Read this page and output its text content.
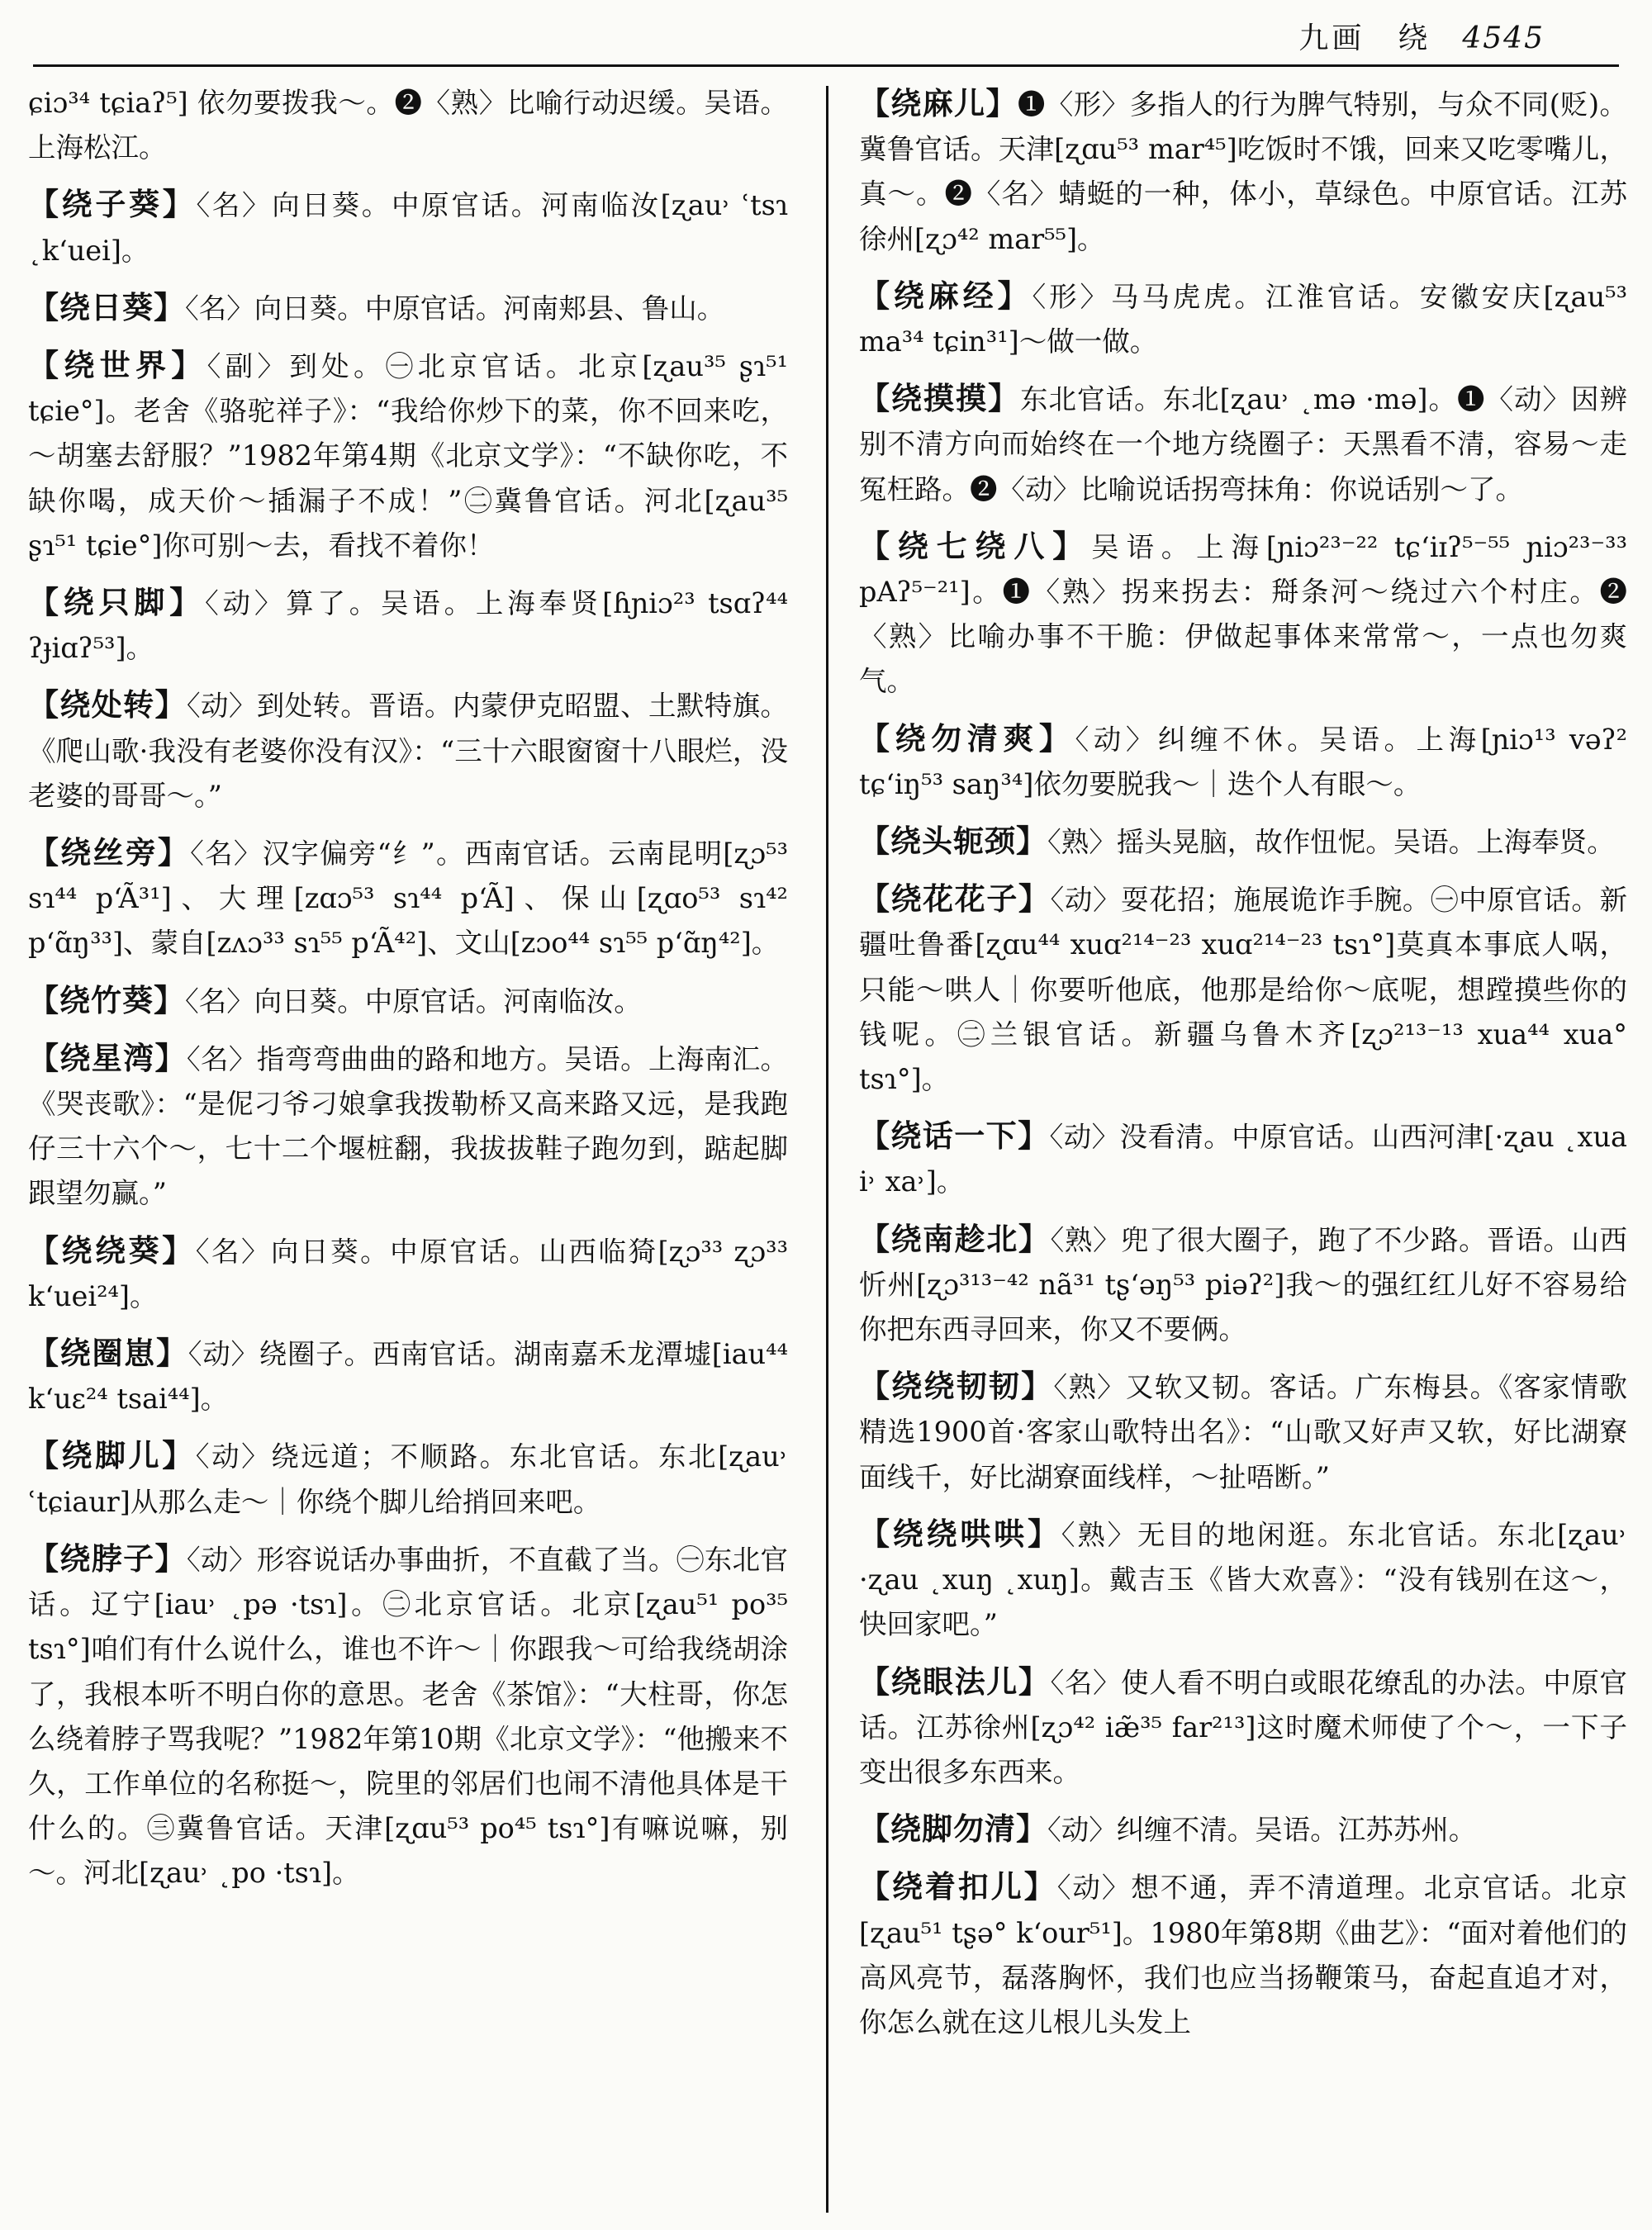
九画　绕 4545
ɕiɔ³⁴ tɕiaʔ⁵] 依勿要拨我～。❷〈熟〉比喻行动迟缓。吴语。上海松江。
【绕子葵】〈名〉向日葵。中原官话。河南临汝[ʐau˒ ʿtsɿ ˛kʻuei]。
【绕日葵】〈名〉向日葵。中原官话。河南郏县、鲁山。
【绕世界】〈副〉到处。㊀北京官话。北京[ʐau³⁵ ʂɿ⁵¹ tɕie°]。老舍《骆驼祥子》：“我给你炒下的菜，你不回来吃，～胡塞去舒服？”1982年第4期《北京文学》：“不缺你吃，不缺你喝，成天价～插漏子不成！”㊁冀鲁官话。河北[ʐau³⁵ ʂɿ⁵¹ tɕie°]你可别～去，看找不着你！
【绕只脚】〈动〉算了。吴语。上海奉贤[ɦɲiɔ²³ tsɑʔ⁴⁴ ʔɟiɑʔ⁵³]。
【绕处转】〈动〉到处转。晋语。内蒙伊克昭盟、土默特旗。《爬山歌·我没有老婆你没有汉》：“三十六眼窗窗十八眼烂，没老婆的哥哥～。”
【绕丝旁】〈名〉汉字偏旁“纟”。西南官话。云南昆明[ʐɔ⁵³ sɿ⁴⁴ pʻÃ³¹]、大理[zɑɔ⁵³ sɿ⁴⁴ pʻÃ]、保山[ʐɑo⁵³ sɿ⁴² pʻɑ̃ŋ³³]、蒙自[zʌɔ³³ sɿ⁵⁵ pʻÃ⁴²]、文山[zɔo⁴⁴ sɿ⁵⁵ pʻɑ̃ŋ⁴²]。
【绕竹葵】〈名〉向日葵。中原官话。河南临汝。
【绕星湾】〈名〉指弯弯曲曲的路和地方。吴语。上海南汇。《哭丧歌》：“是伲刁爷刁娘拿我拨勒桥又高来路又远，是我跑仔三十六个～，七十二个堰桩翻，我拔拔鞋子跑勿到，踮起脚跟望勿赢。”
【绕绕葵】〈名〉向日葵。中原官话。山西临猗[ʐɔ³³ ʐɔ³³ kʻuei²⁴]。
【绕圈崽】〈动〉绕圈子。西南官话。湖南嘉禾龙潭墟[iau⁴⁴ kʻuɛ²⁴ tsai⁴⁴]。
【绕脚儿】〈动〉绕远道；不顺路。东北官话。东北[ʐau˒ ʿtɕiaur]从那么走～｜你绕个脚儿给捎回来吧。
【绕脖子】〈动〉形容说话办事曲折，不直截了当。㊀东北官话。辽宁[iau˒ ˛pə ·tsɿ]。㊁北京官话。北京[ʐau⁵¹ po³⁵ tsɿ°]咱们有什么说什么，谁也不许～｜你跟我～可给我绕胡涂了，我根本听不明白你的意思。老舍《茶馆》：“大柱哥，你怎么绕着脖子骂我呢？”1982年第10期《北京文学》：“他搬来不久，工作单位的名称挺～，院里的邻居们也闹不清他具体是干什么的。㊂冀鲁官话。天津[ʐɑu⁵³ po⁴⁵ tsɿ°]有嘛说嘛，别～。河北[ʐau˒ ˛po ·tsɿ]。
【绕麻儿】❶〈形〉多指人的行为脾气特别，与众不同(贬)。冀鲁官话。天津[ʐɑu⁵³ mar⁴⁵]吃饭时不饿，回来又吃零嘴儿，真～。❷〈名〉蜻蜓的一种，体小，草绿色。中原官话。江苏徐州[ʐɔ⁴² mar⁵⁵]。
【绕麻经】〈形〉马马虎虎。江淮官话。安徽安庆[ʐau⁵³ ma³⁴ tɕin³¹]～做一做。
【绕摸摸】东北官话。东北[ʐau˒ ˛mə ·mə]。❶〈动〉因辨别不清方向而始终在一个地方绕圈子：天黑看不清，容易～走冤枉路。❷〈动〉比喻说话拐弯抹角：你说话别～了。
【绕七绕八】吴语。上海[ɲiɔ²³⁻²² tɕʻiɪʔ⁵⁻⁵⁵ ɲiɔ²³⁻³³ pAʔ⁵⁻²¹]。❶〈熟〉拐来拐去：搿条河～绕过六个村庄。❷〈熟〉比喻办事不干脆：伊做起事体来常常～，一点也勿爽气。
【绕勿清爽】〈动〉纠缠不休。吴语。上海[ɲiɔ¹³ vəʔ² tɕʻiŋ⁵³ saŋ³⁴]依勿要脱我～｜迭个人有眼～。
【绕头轭颈】〈熟〉摇头晃脑，故作忸怩。吴语。上海奉贤。
【绕花花子】〈动〉耍花招；施展诡诈手腕。㊀中原官话。新疆吐鲁番[ʐɑu⁴⁴ xuɑ²¹⁴⁻²³ xuɑ²¹⁴⁻²³ tsɿ°]莫真本事底人㖞，只能～哄人｜你要听他底，他那是给你～底呢，想蹚摸些你的钱呢。㊁兰银官话。新疆乌鲁木齐[ʐɔ²¹³⁻¹³ xua⁴⁴ xua° tsɿ°]。
【绕话一下】〈动〉没看清。中原官话。山西河津[·ʐau ˛xua i˒ xa˒]。
【绕南趁北】〈熟〉兜了很大圈子，跑了不少路。晋语。山西忻州[ʐɔ³¹³⁻⁴² nã³¹ tʂʻəŋ⁵³ piəʔ²]我～的强红红儿好不容易给你把东西寻回来，你又不要俩。
【绕绕韧韧】〈熟〉又软又韧。客话。广东梅县。《客家情歌精选1900首·客家山歌特出名》：“山歌又好声又软，好比湖寮面线千，好比湖寮面线样，～扯唔断。”
【绕绕哄哄】〈熟〉无目的地闲逛。东北官话。东北[ʐau˒ ·ʐau ˛xuŋ ˛xuŋ]。戴吉玉《皆大欢喜》：“没有钱别在这～，快回家吧。”
【绕眼法儿】〈名〉使人看不明白或眼花缭乱的办法。中原官话。江苏徐州[ʐɔ⁴² iæ̃³⁵ far²¹³]这时魔术师使了个～，一下子变出很多东西来。
【绕脚勿清】〈动〉纠缠不清。吴语。江苏苏州。
【绕着扣儿】〈动〉想不通，弄不清道理。北京官话。北京[ʐau⁵¹ tʂə° kʻour⁵¹]。1980年第8期《曲艺》：“面对着他们的高风亮节，磊落胸怀，我们也应当扬鞭策马，奋起直追才对，你怎么就在这儿根儿头发上
